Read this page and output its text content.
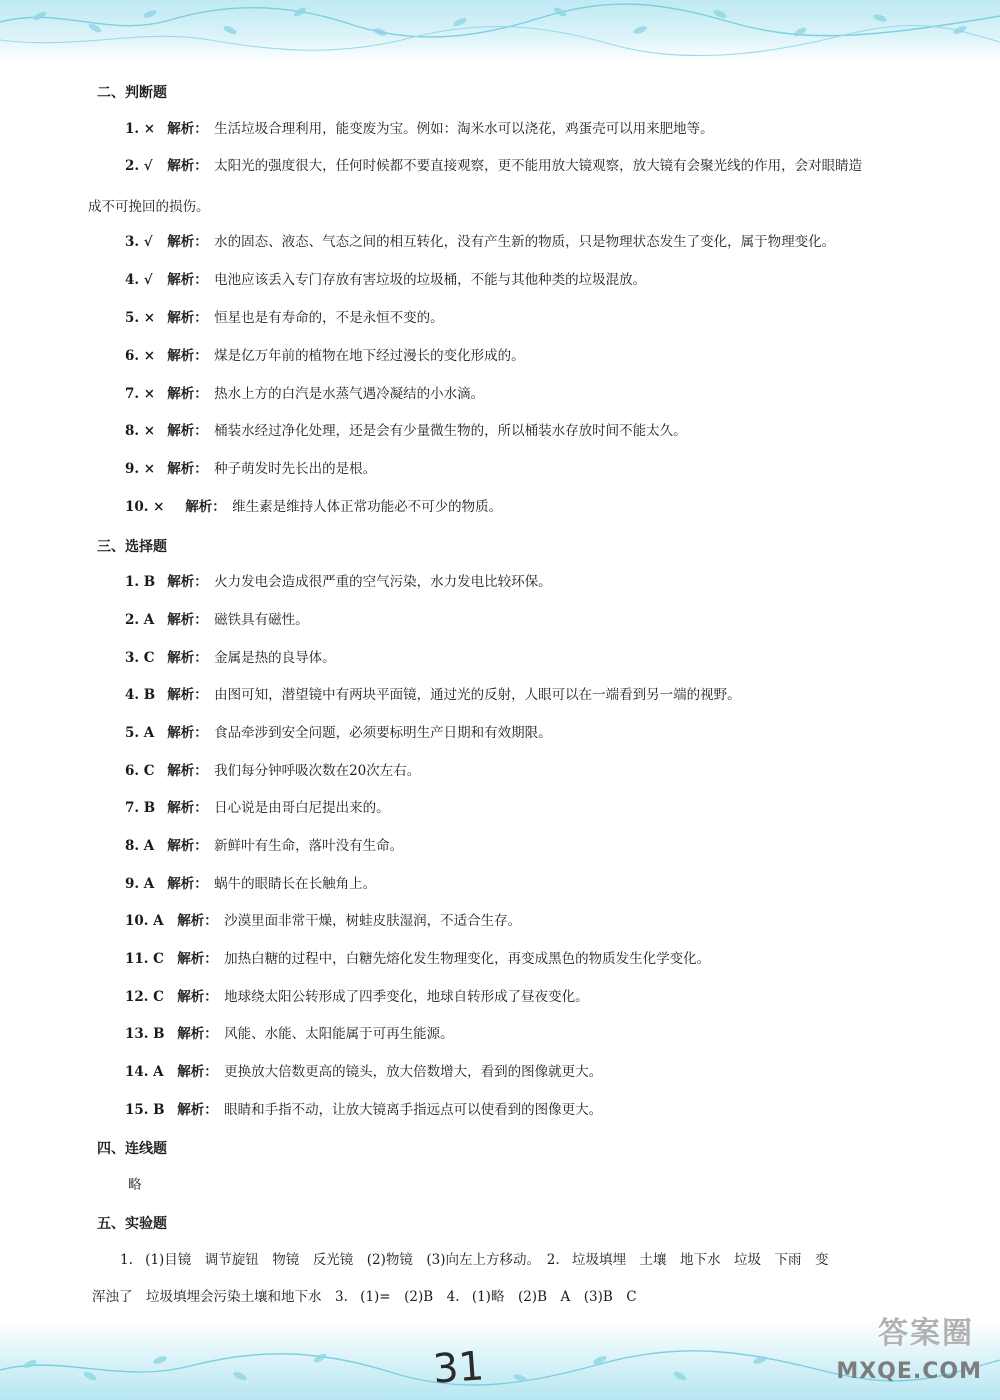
二、判断题
1. × 解析： 生活垃圾合理利用，能变废为宝。例如：淘米水可以浇花，鸡蛋壳可以用来肥地等。
2. √ 解析： 太阳光的强度很大，任何时候都不要直接观察，更不能用放大镜观察，放大镜有会聚光线的作用，会对眼睛造
成不可挽回的损伤。
3. √ 解析： 水的固态、液态、气态之间的相互转化，没有产生新的物质，只是物理状态发生了变化，属于物理变化。
4. √ 解析： 电池应该丢入专门存放有害垃圾的垃圾桶，不能与其他种类的垃圾混放。
5. × 解析： 恒星也是有寿命的，不是永恒不变的。
6. × 解析： 煤是亿万年前的植物在地下经过漫长的变化形成的。
7. × 解析： 热水上方的白汽是水蒸气遇冷凝结的小水滴。
8. × 解析： 桶装水经过净化处理，还是会有少量微生物的，所以桶装水存放时间不能太久。
9. × 解析： 种子萌发时先长出的是根。
10. × 解析： 维生素是维持人体正常功能必不可少的物质。
三、选择题
1. B 解析： 火力发电会造成很严重的空气污染，水力发电比较环保。
2. A 解析： 磁铁具有磁性。
3. C 解析： 金属是热的良导体。
4. B 解析： 由图可知，潜望镜中有两块平面镜，通过光的反射，人眼可以在一端看到另一端的视野。
5. A 解析： 食品牵涉到安全问题，必须要标明生产日期和有效期限。
6. C 解析： 我们每分钟呼吸次数在20次左右。
7. B 解析： 日心说是由哥白尼提出来的。
8. A 解析： 新鲜叶有生命，落叶没有生命。
9. A 解析： 蜗牛的眼睛长在长触角上。
10. A 解析： 沙漠里面非常干燥，树蛙皮肤湿润，不适合生存。
11. C 解析： 加热白糖的过程中，白糖先熔化发生物理变化，再变成黑色的物质发生化学变化。
12. C 解析： 地球绕太阳公转形成了四季变化，地球自转形成了昼夜变化。
13. B 解析： 风能、水能、太阳能属于可再生能源。
14. A 解析： 更换放大倍数更高的镜头，放大倍数增大，看到的图像就更大。
15. B 解析： 眼睛和手指不动，让放大镜离手指远点可以使看到的图像更大。
四、连线题
略
五、实验题
1. (1)目镜　调节旋钮　物镜　反光镜　(2)物镜　(3)向左上方移动。　2. 垃圾填埋　土壤　地下水　垃圾　下雨　变
浑浊了　垃圾填埋会污染土壤和地下水　3. (1)=　(2)B　4. (1)略　(2)B　A　(3)B　C
31
答案圈
MXQE.COM
